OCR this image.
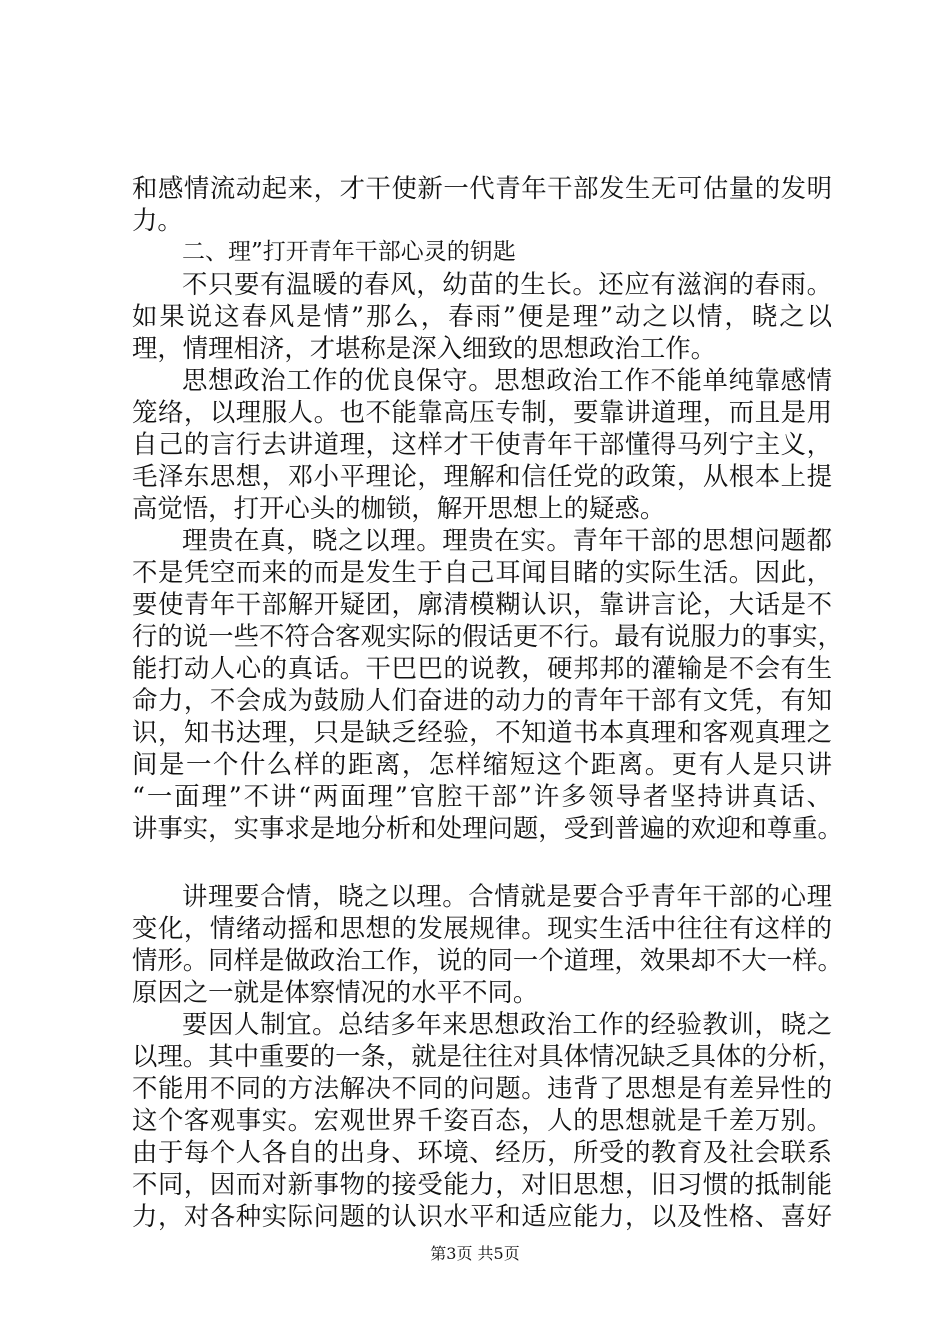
和感情流动起来，才干使新一代青年干部发生无可估量的发明
力。
二、理”打开青年干部心灵的钥匙
不只要有温暖的春风，幼苗的生长。还应有滋润的春雨。
如果说这春风是情”那么，春雨”便是理”动之以情，晓之以
理，情理相济，才堪称是深入细致的思想政治工作。
思想政治工作的优良保守。思想政治工作不能单纯靠感情
笼络，以理服人。也不能靠高压专制，要靠讲道理，而且是用
自己的言行去讲道理，这样才干使青年干部懂得马列宁主义，
毛泽东思想，邓小平理论，理解和信任党的政策，从根本上提
高觉悟，打开心头的枷锁，解开思想上的疑惑。
理贵在真，晓之以理。理贵在实。青年干部的思想问题都
不是凭空而来的而是发生于自己耳闻目睹的实际生活。因此，
要使青年干部解开疑团，廓清模糊认识，靠讲言论，大话是不
行的说一些不符合客观实际的假话更不行。最有说服力的事实，
能打动人心的真话。干巴巴的说教，硬邦邦的灌输是不会有生
命力，不会成为鼓励人们奋进的动力的青年干部有文凭，有知
识，知书达理，只是缺乏经验，不知道书本真理和客观真理之
间是一个什么样的距离，怎样缩短这个距离。更有人是只讲
“一面理”不讲“两面理”官腔干部”许多领导者坚持讲真话、
讲事实，实事求是地分析和处理问题，受到普遍的欢迎和尊重。
讲理要合情，晓之以理。合情就是要合乎青年干部的心理
变化，情绪动摇和思想的发展规律。现实生活中往往有这样的
情形。同样是做政治工作，说的同一个道理，效果却不大一样。
原因之一就是体察情况的水平不同。
要因人制宜。总结多年来思想政治工作的经验教训，晓之
以理。其中重要的一条，就是往往对具体情况缺乏具体的分析，
不能用不同的方法解决不同的问题。违背了思想是有差异性的
这个客观事实。宏观世界千姿百态，人的思想就是千差万别。
由于每个人各自的出身、环境、经历，所受的教育及社会联系
不同，因而对新事物的接受能力，对旧思想，旧习惯的抵制能
力，对各种实际问题的认识水平和适应能力，以及性格、喜好
第3页 共5页
